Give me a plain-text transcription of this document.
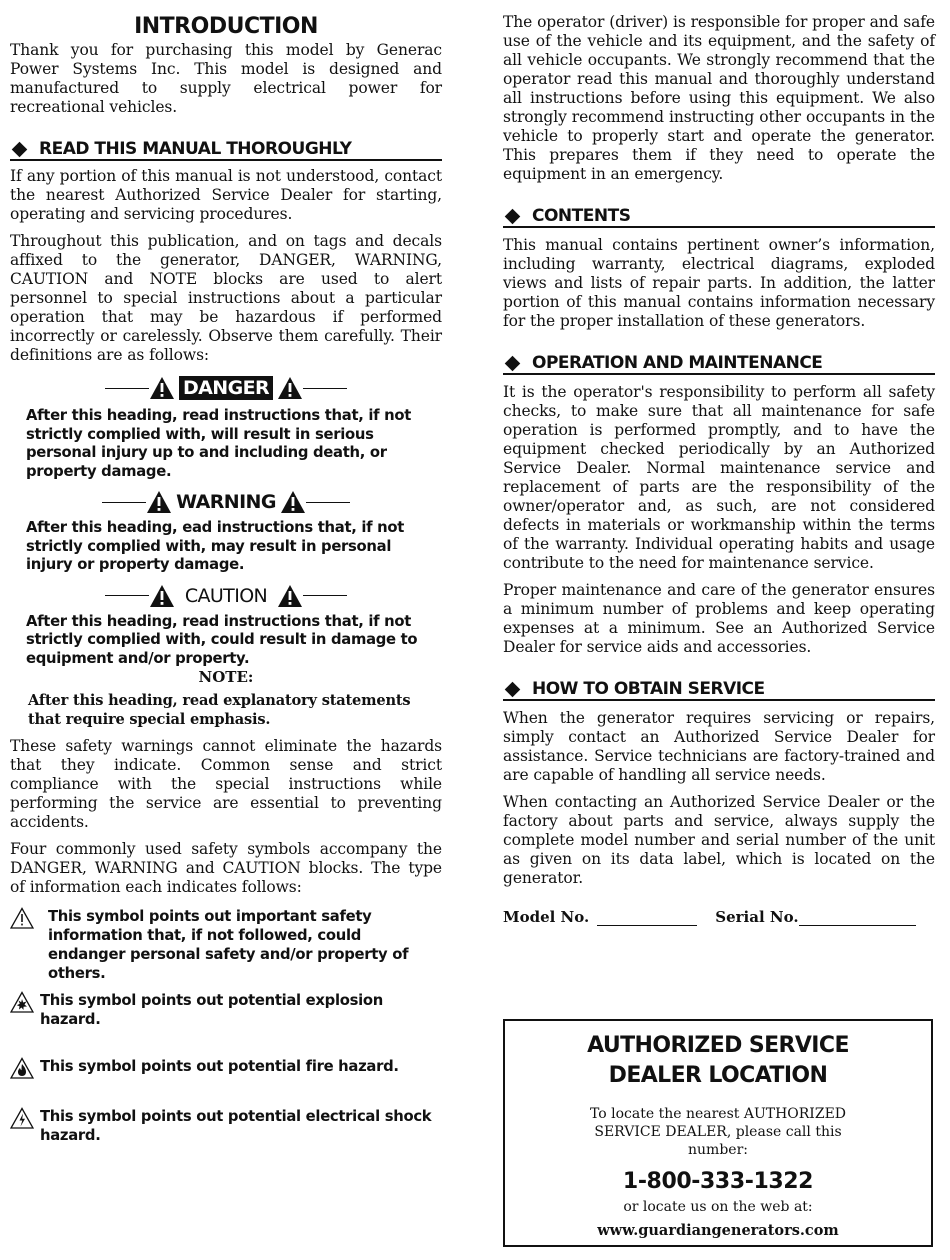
INTRODUCTION

Thank you for purchasing this model by Generac Power Systems Inc. This model is designed and manufactured to supply electrical power for recreational vehicles.

READ THIS MANUAL THOROUGHLY

If any portion of this manual is not understood, contact the nearest Authorized Service Dealer for starting, operating and servicing procedures.

Throughout this publication, and on tags and decals affixed to the generator, DANGER, WARNING, CAUTION and NOTE blocks are used to alert personnel to special instructions about a particular operation that may be hazardous if performed incorrectly or carelessly. Observe them carefully. Their definitions are as follows:

DANGER

After this heading, read instructions that, if not strictly complied with, will result in serious personal injury up to and including death, or property damage.

WARNING

After this heading, ead instructions that, if not strictly complied with, may result in personal injury or property damage.

CAUTION

After this heading, read instructions that, if not strictly complied with, could result in damage to equipment and/or property.

NOTE:

After this heading, read explanatory statements that require special emphasis.

These safety warnings cannot eliminate the hazards that they indicate. Common sense and strict compliance with the special instructions while performing the service are essential to preventing accidents.

Four commonly used safety symbols accompany the DANGER, WARNING and CAUTION blocks. The type of information each indicates follows:

This symbol points out important safety information that, if not followed, could endanger personal safety and/or property of others.
This symbol points out potential explosion hazard.
This symbol points out potential fire hazard.
This symbol points out potential electrical shock hazard.

The operator (driver) is responsible for proper and safe use of the vehicle and its equipment, and the safety of all vehicle occupants. We strongly recommend that the operator read this manual and thoroughly understand all instructions before using this equipment. We also strongly recommend instructing other occupants in the vehicle to properly start and operate the generator. This prepares them if they need to operate the equipment in an emergency.

CONTENTS

This manual contains pertinent owner’s information, including warranty, electrical diagrams, exploded views and lists of repair parts. In addition, the latter portion of this manual contains information necessary for the proper installation of these generators.

OPERATION AND MAINTENANCE

It is the operator's responsibility to perform all safety checks, to make sure that all maintenance for safe operation is performed promptly, and to have the equipment checked periodically by an Authorized Service Dealer. Normal maintenance service and replacement of parts are the responsibility of the owner/operator and, as such, are not considered defects in materials or workmanship within the terms of the warranty. Individual operating habits and usage contribute to the need for maintenance service.

Proper maintenance and care of the generator ensures a minimum number of problems and keep operating expenses at a minimum. See an Authorized Service Dealer for service aids and accessories.

HOW TO OBTAIN SERVICE

When the generator requires servicing or repairs, simply contact an Authorized Service Dealer for assistance. Service technicians are factory-trained and are capable of handling all service needs.

When contacting an Authorized Service Dealer or the factory about parts and service, always supply the complete model number and serial number of the unit as given on its data label, which is located on the generator.

Model No.	Serial No.
AUTHORIZED SERVICE
DEALER LOCATION
To locate the nearest AUTHORIZED SERVICE DEALER, please call this number:
1-800-333-1322
or locate us on the web at:
www.guardiangenerators.com
